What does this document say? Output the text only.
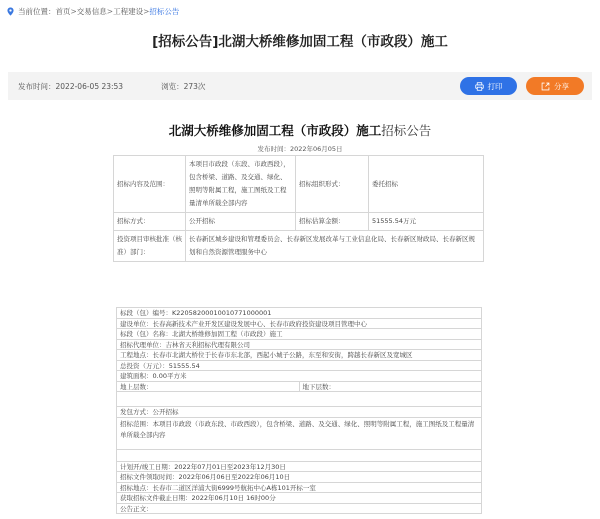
当前位置： 首页 > 交易信息 > 工程建设 > 招标公告
[招标公告]北湖大桥维修加固工程（市政段）施工
发布时间：2022-06-05 23:53	浏览：273次	打印	分享
北湖大桥维修加固工程（市政段）施工招标公告
发布时间：2022年06月05日
招标内容及范围：	本项目市政段（东段、市政西段），包含桥梁、道路、及交通、绿化、照明等附属工程，施工图纸及工程量清单所载全部内容	招标组织形式：	委托招标
招标方式：	公开招标	招标估算金额：	51555.54万元
投资项目审核批准（核准）部门：	长春新区城乡建设和管理委员会、长春新区发展改革与工业信息化局、长春新区财政局、长春新区规划和自然资源管理服务中心		
标段（包）编号：K22058200010010771000001
建设单位：长春高新技术产业开发区建设发展中心、长春市政府投资建设项目管理中心
标段（包）名称：北湖大桥维修加固工程（市政段）施工
招标代理单位：吉林省天利招标代理有限公司
工程地点：长春市北湖大桥位于长春市东北部，西起小城子公路，东至和安街，跨越长春新区及宽城区
总投资（万元）：51555.54
建筑面积：0.00平方米
地上层数：	地下层数：
发包方式：公开招标
招标范围：本项目市政段（市政东段、市政西段），包含桥梁、道路、及交通、绿化、照明等附属工程，施工图纸及工程量清单所载全部内容
计划开/竣工日期：2022年07月01日至2023年12月30日
招标文件领取时间：2022年06月06日至2022年06月10日
招标地点：长春市二道区洋浦大街6999号航拓中心A栋101开标一室
获取招标文件截止日期：2022年06月10日 16时00分
公告正文：
